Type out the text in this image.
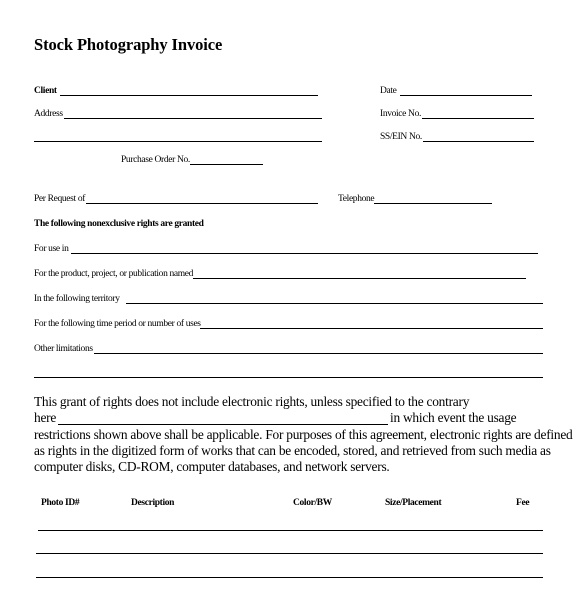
Stock Photography Invoice
Client	Date
Address	Invoice No.
SS/EIN No.
Purchase Order No.
Per Request of	Telephone
The following nonexclusive rights are granted
For use in
For the product, project, or publication named
In the following territory
For the following time period or number of uses
Other limitations
This grant of rights does not include electronic rights, unless specified to the contrary
here	in which event the usage
restrictions shown above shall be applicable. For purposes of this agreement, electronic rights are defined
as rights in the digitized form of works that can be encoded, stored, and retrieved from such media as
computer disks, CD-ROM, computer databases, and network servers.
Photo ID#	Description	Color/BW	Size/Placement	Fee
